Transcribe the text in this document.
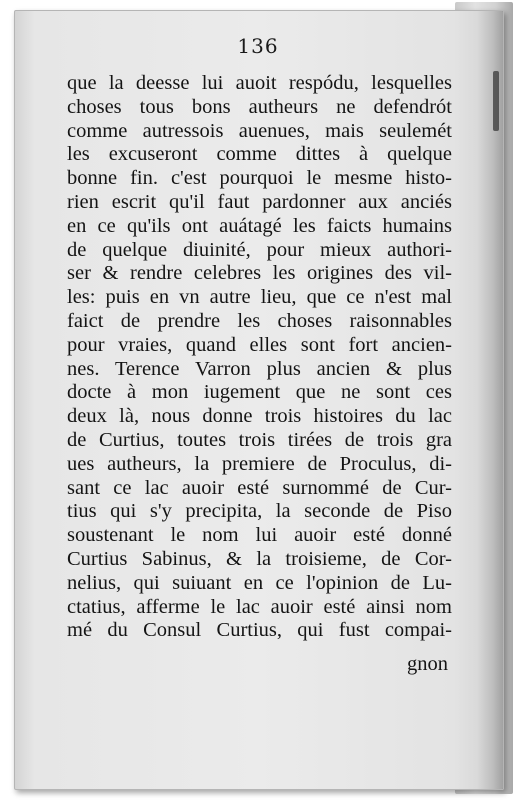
136
que la deesse lui auoit respódu, lesquelles
choses tous bons autheurs ne defendrót
comme autressois auenues, mais seulemét
les excuseront comme dittes à quelque
bonne fin. c'est pourquoi le mesme histo-
rien escrit qu'il faut pardonner aux anciés
en ce qu'ils ont auátagé les faicts humains
de quelque diuinité, pour mieux authori-
ser & rendre celebres les origines des vil-
les: puis en vn autre lieu, que ce n'est mal
faict de prendre les choses raisonnables
pour vraies, quand elles sont fort ancien-
nes. Terence Varron plus ancien & plus
docte à mon iugement que ne sont ces
deux là, nous donne trois histoires du lac
de Curtius, toutes trois tirées de trois gra
ues autheurs, la premiere de Proculus, di-
sant ce lac auoir esté surnommé de Cur-
tius qui s'y precipita, la seconde de Piso
soustenant le nom lui auoir esté donné
Curtius Sabinus, & la troisieme, de Cor-
nelius, qui suiuant en ce l'opinion de Lu-
ctatius, afferme le lac auoir esté ainsi nom
mé du Consul Curtius, qui fust compai-
gnon
